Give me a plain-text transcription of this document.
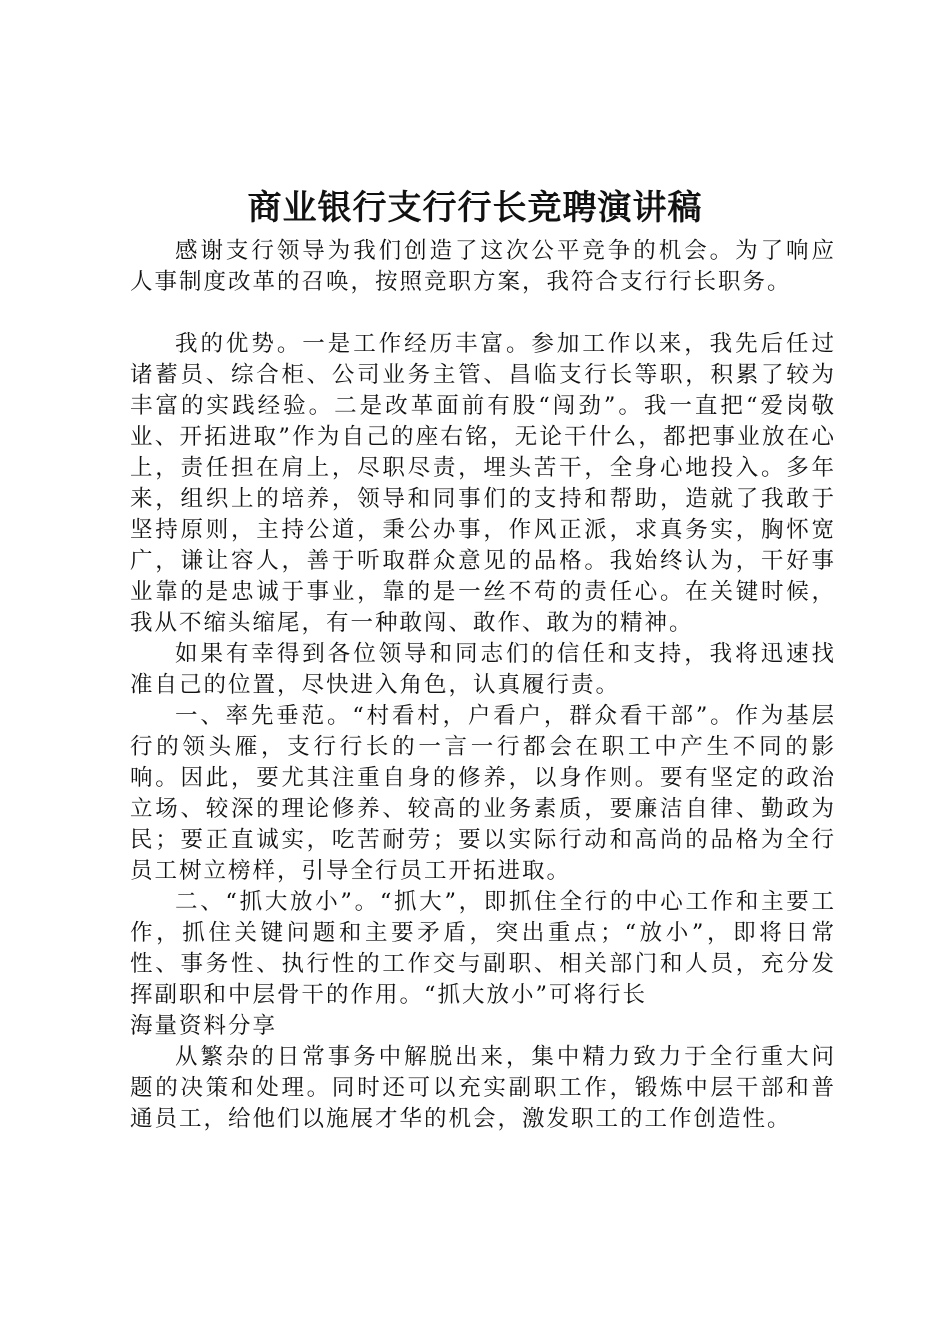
商业银行支行行长竞聘演讲稿

感谢支行领导为我们创造了这次公平竞争的机会。为了响应人事制度改革的召唤，按照竞职方案，我符合支行行长职务。

我的优势。一是工作经历丰富。参加工作以来，我先后任过诸蓄员、综合柜、公司业务主管、昌临支行长等职，积累了较为丰富的实践经验。二是改革面前有股“闯劲”。我一直把“爱岗敬业、开拓进取”作为自己的座右铭，无论干什么，都把事业放在心上，责任担在肩上，尽职尽责，埋头苦干，全身心地投入。多年来，组织上的培养，领导和同事们的支持和帮助，造就了我敢于坚持原则，主持公道，秉公办事，作风正派，求真务实，胸怀宽广，谦让容人，善于听取群众意见的品格。我始终认为，干好事业靠的是忠诚于事业，靠的是一丝不苟的责任心。在关键时候，我从不缩头缩尾，有一种敢闯、敢作、敢为的精神。

如果有幸得到各位领导和同志们的信任和支持，我将迅速找准自己的位置，尽快进入角色，认真履行责。

一、率先垂范。“村看村，户看户，群众看干部”。作为基层行的领头雁，支行行长的一言一行都会在职工中产生不同的影响。因此，要尤其注重自身的修养，以身作则。要有坚定的政治立场、较深的理论修养、较高的业务素质，要廉洁自律、勤政为民；要正直诚实，吃苦耐劳；要以实际行动和高尚的品格为全行员工树立榜样，引导全行员工开拓进取。

二、“抓大放小”。“抓大”，即抓住全行的中心工作和主要工作，抓住关键问题和主要矛盾，突出重点；“放小”，即将日常性、事务性、执行性的工作交与副职、相关部门和人员，充分发挥副职和中层骨干的作用。“抓大放小”可将行长

海量资料分享

从繁杂的日常事务中解脱出来，集中精力致力于全行重大问题的决策和处理。同时还可以充实副职工作，锻炼中层干部和普通员工，给他们以施展才华的机会，激发职工的工作创造性。
